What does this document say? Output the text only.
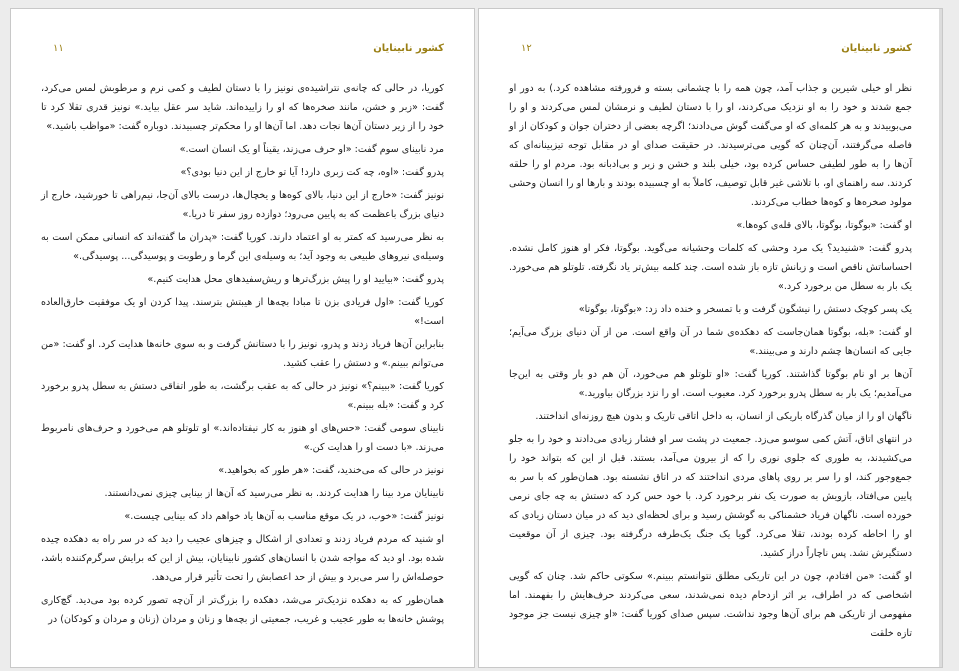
۱۱	کشور نابینایان

کوریا، در حالی که چانه‌ی نتراشیده‌ی نونیز را با دستان لطیف و کمی نرم و مرطوبش لمس می‌کرد، گفت: «زبر و خشن، مانند صخره‌ها که او را زاییده‌اند. شاید سر عقل بیاید.» نونیز قدری تقلا کرد تا خود را از زیر دستان آن‌ها نجات دهد. اما آن‌ها او را محکم‌تر چسبیدند. دوباره گفت: «مواظب باشید.»

مرد نابینای سوم گفت: «او حرف می‌زند، یقیناً او یک انسان است.»

پدرو گفت: «اوه، چه کت زبری دارد! آیا تو خارج از این دنیا بودی؟»

نونیز گفت: «خارج از این دنیا، بالای کوه‌ها و یخچال‌ها، درست بالای آن‌جا، نیم‌راهی تا خورشید، خارج از دنیای بزرگ باعظمت که به پایین می‌رود؛ دوازده روز سفر تا دریا.»

به نظر می‌رسید که کمتر به او اعتماد دارند. کوریا گفت: «پدران ما گفته‌اند که انسانی ممکن است به وسیله‌ی نیروهای طبیعی به وجود آید؛ به وسیله‌ی این گرما و رطوبت و پوسیدگی... پوسیدگی.»

پدرو گفت: «بیایید او را پیش بزرگ‌ترها و ریش‌سفیدهای محل هدایت کنیم.»

کوریا گفت: «اول فریادی بزن تا مبادا بچه‌ها از هیبتش بترسند. پیدا کردن او یک موفقیت خارق‌العاده است!»

بنابراین آن‌ها فریاد زدند و پدرو، نونیز را با دستانش گرفت و به سوی خانه‌ها هدایت کرد. او گفت: «من می‌توانم ببینم.» و دستش را عقب کشید.

کوریا گفت: «ببینم؟» نونیز در حالی که به عقب برگشت، به طور اتفاقی دستش به سطل پدرو برخورد کرد و گفت: «بله ببینم.»

نابینای سومی گفت: «حس‌های او هنوز به کار نیفتاده‌اند.» او تلوتلو هم می‌خورد و حرف‌های نامربوط می‌زند. «با دست او را هدایت کن.»

نونیز در حالی که می‌خندید، گفت: «هر طور که بخواهید.»

نابینایان مرد بینا را هدایت کردند. به نظر می‌رسید که آن‌ها از بینایی چیزی نمی‌دانستند.

نونیز گفت: «خوب، در یک موقع مناسب به آن‌ها یاد خواهم داد که بینایی چیست.»

او شنید که مردم فریاد زدند و تعدادی از اشکال و چیزهای عجیب را دید که در سر راه به دهکده چیده شده بود. او دید که مواجه شدن با انسان‌های کشور نابینایان، بیش از این که برایش سرگرم‌کننده باشد، حوصله‌اش را سر می‌برد و بیش از حد اعصابش را تحت تأثیر قرار می‌دهد.

همان‌طور که به دهکده نزدیک‌تر می‌شد، دهکده را بزرگ‌تر از آن‌چه تصور کرده بود می‌دید. گچ‌کاری پوشش خانه‌ها به طور عجیب و غریب، جمعیتی از بچه‌ها و زنان و مردان (زنان و مردان و کودکان) در

۱۲	کشور نابینایان

نظر او خیلی شیرین و جذاب آمد، چون همه را با چشمانی بسته و فرورفته مشاهده کرد.) به دور او جمع شدند و خود را به او نزدیک می‌کردند، او را با دستان لطیف و نرمشان لمس می‌کردند و او را می‌بوییدند و به هر کلمه‌ای که او می‌گفت گوش می‌دادند؛ اگرچه بعضی از دختران جوان و کودکان از او فاصله می‌گرفتند، آن‌چنان که گویی می‌ترسیدند. در حقیقت صدای او در مقابل توجه تیزبینانه‌ای که آن‌ها را به طور لطیفی حساس کرده بود، خیلی بلند و خشن و زبر و بی‌ادبانه بود. مردم او را حلقه کردند. سه راهنمای او، با تلاشی غیر قابل توصیف، کاملاً به او چسبیده بودند و بارها او را انسان وحشی مولود صخره‌ها و کوه‌ها خطاب می‌کردند.

او گفت: «بوگوتا، بوگوتا، بالای قله‌ی کوه‌ها.»

پدرو گفت: «شنیدید؟ یک مرد وحشی که کلمات وحشیانه می‌گوید. بوگوتا، فکر او هنوز کامل نشده. احساساتش ناقص است و زبانش تازه باز شده است. چند کلمه بیش‌تر یاد نگرفته. تلوتلو هم می‌خورد. یک بار به سطل من برخورد کرد.»

یک پسر کوچک دستش را نیشگون گرفت و با تمسخر و خنده داد زد: «بوگوتا، بوگوتا»

او گفت: «بله، بوگوتا همان‌جاست که دهکده‌ی شما در آن واقع است. من از آن دنیای بزرگ می‌آیم؛ جایی که انسان‌ها چشم دارند و می‌بینند.»

آن‌ها بر او نام بوگوتا گذاشتند. کوریا گفت: «او تلوتلو هم می‌خورد، آن هم دو بار وقتی به این‌جا می‌آمدیم؛ یک بار به سطل پدرو برخورد کرد. معیوب است. او را نزد بزرگان بیاورید.»

ناگهان او را از میان گذرگاه باریکی از انسان، به داخل اتاقی تاریک و بدون هیچ روزنه‌ای انداختند.

در انتهای اتاق، آتش کمی سوسو می‌زد. جمعیت در پشت سر او فشار زیادی می‌دادند و خود را به جلو می‌کشیدند، به طوری که جلوی نوری را که از بیرون می‌آمد، بستند. قبل از این که بتواند خود را جمع‌وجور کند، او را سر بر روی پاهای مردی انداختند که در اتاق نشسته بود. همان‌طور که با سر به پایین می‌افتاد، بازویش به صورت یک نفر برخورد کرد. با خود حس کرد که دستش به چه جای نرمی خورده است. ناگهان فریاد خشمناکی به گوشش رسید و برای لحظه‌ای دید که در میان دستان زیادی که او را احاطه کرده بودند، تقلا می‌کرد. گویا یک جنگ یک‌طرفه درگرفته بود. چیزی از آن موقعیت دستگیرش نشد. پس ناچاراً دراز کشید.

او گفت: «من افتادم، چون در این تاریکی مطلق نتوانستم ببینم.» سکوتی حاکم شد. چنان که گویی اشخاصی که در اطراف، بر اثر ازدحام دیده نمی‌شدند، سعی می‌کردند حرف‌هایش را بفهمند. اما مفهومی از تاریکی هم برای آن‌ها وجود نداشت. سپس صدای کوریا گفت: «او چیزی نیست جز موجود تازه خلقت
